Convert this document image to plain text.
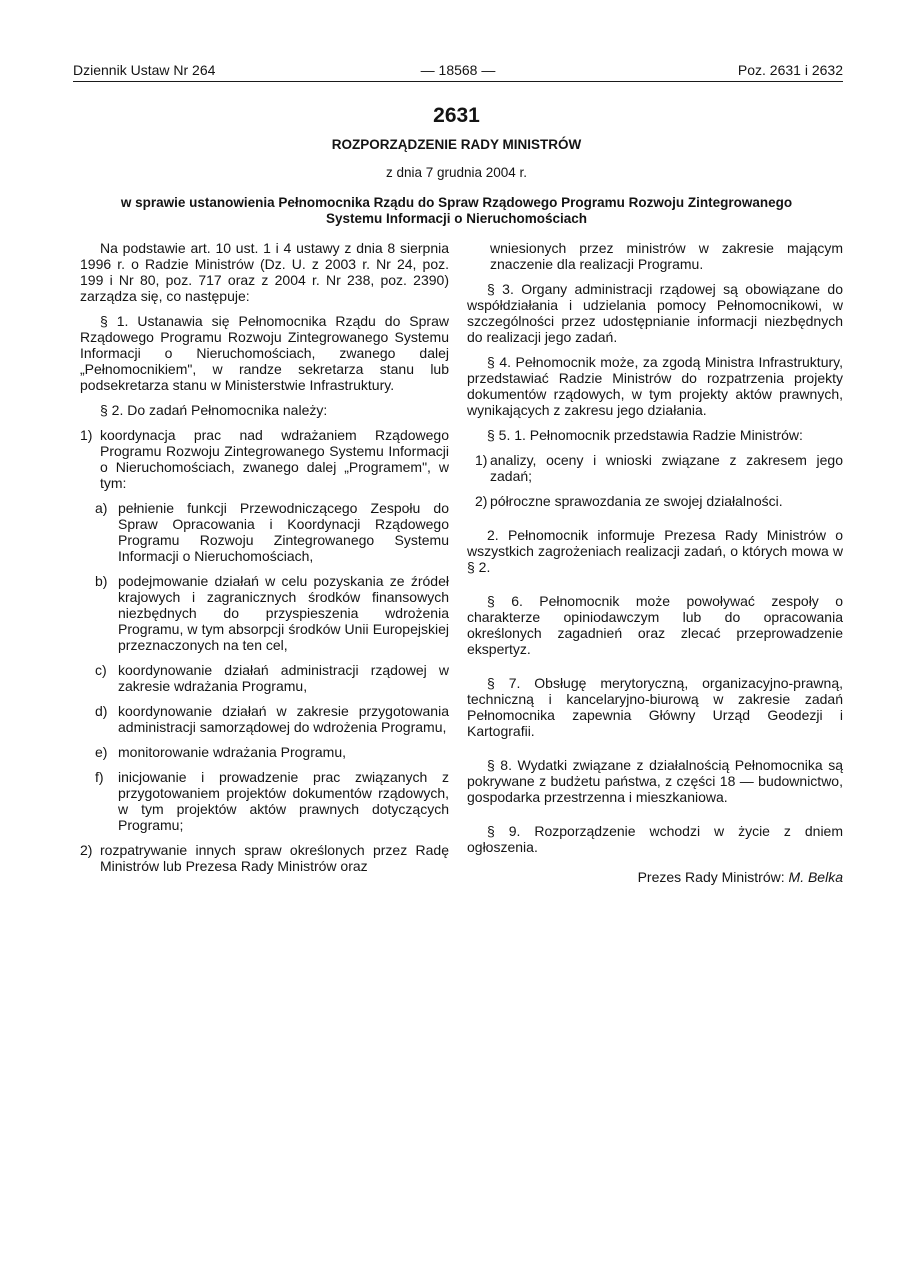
Dziennik Ustaw Nr 264	— 18568 —	Poz. 2631 i 2632
2631
ROZPORZĄDZENIE RADY MINISTRÓW
z dnia 7 grudnia 2004 r.
w sprawie ustanowienia Pełnomocnika Rządu do Spraw Rządowego Programu Rozwoju Zintegrowanego Systemu Informacji o Nieruchomościach

Na podstawie art. 10 ust. 1 i 4 ustawy z dnia 8 sierpnia 1996 r. o Radzie Ministrów (Dz. U. z 2003 r. Nr 24, poz. 199 i Nr 80, poz. 717 oraz z 2004 r. Nr 238, poz. 2390) zarządza się, co następuje:

§ 1. Ustanawia się Pełnomocnika Rządu do Spraw Rządowego Programu Rozwoju Zintegrowanego Systemu Informacji o Nieruchomościach, zwanego dalej „Pełnomocnikiem", w randze sekretarza stanu lub podsekretarza stanu w Ministerstwie Infrastruktury.

§ 2. Do zadań Pełnomocnika należy:

1) koordynacja prac nad wdrażaniem Rządowego Programu Rozwoju Zintegrowanego Systemu Informacji o Nieruchomościach, zwanego dalej „Programem", w tym:
a) pełnienie funkcji Przewodniczącego Zespołu do Spraw Opracowania i Koordynacji Rządowego Programu Rozwoju Zintegrowanego Systemu Informacji o Nieruchomościach,
b) podejmowanie działań w celu pozyskania ze źródeł krajowych i zagranicznych środków finansowych niezbędnych do przyspieszenia wdrożenia Programu, w tym absorpcji środków Unii Europejskiej przeznaczonych na ten cel,
c) koordynowanie działań administracji rządowej w zakresie wdrażania Programu,
d) koordynowanie działań w zakresie przygotowania administracji samorządowej do wdrożenia Programu,
e) monitorowanie wdrażania Programu,
f) inicjowanie i prowadzenie prac związanych z przygotowaniem projektów dokumentów rządowych, w tym projektów aktów prawnych dotyczących Programu;
2) rozpatrywanie innych spraw określonych przez Radę Ministrów lub Prezesa Rady Ministrów oraz

wniesionych przez ministrów w zakresie mającym znaczenie dla realizacji Programu.

§ 3. Organy administracji rządowej są obowiązane do współdziałania i udzielania pomocy Pełnomocnikowi, w szczególności przez udostępnianie informacji niezbędnych do realizacji jego zadań.

§ 4. Pełnomocnik może, za zgodą Ministra Infrastruktury, przedstawiać Radzie Ministrów do rozpatrzenia projekty dokumentów rządowych, w tym projekty aktów prawnych, wynikających z zakresu jego działania.

§ 5. 1. Pełnomocnik przedstawia Radzie Ministrów:

1) analizy, oceny i wnioski związane z zakresem jego zadań;
2) półroczne sprawozdania ze swojej działalności.

2. Pełnomocnik informuje Prezesa Rady Ministrów o wszystkich zagrożeniach realizacji zadań, o których mowa w § 2.

§ 6. Pełnomocnik może powoływać zespoły o charakterze opiniodawczym lub do opracowania określonych zagadnień oraz zlecać przeprowadzenie ekspertyz.

§ 7. Obsługę merytoryczną, organizacyjno-prawną, techniczną i kancelaryjno-biurową w zakresie zadań Pełnomocnika zapewnia Główny Urząd Geodezji i Kartografii.

§ 8. Wydatki związane z działalnością Pełnomocnika są pokrywane z budżetu państwa, z części 18 — budownictwo, gospodarka przestrzenna i mieszkaniowa.

§ 9. Rozporządzenie wchodzi w życie z dniem ogłoszenia.

Prezes Rady Ministrów: M. Belka
